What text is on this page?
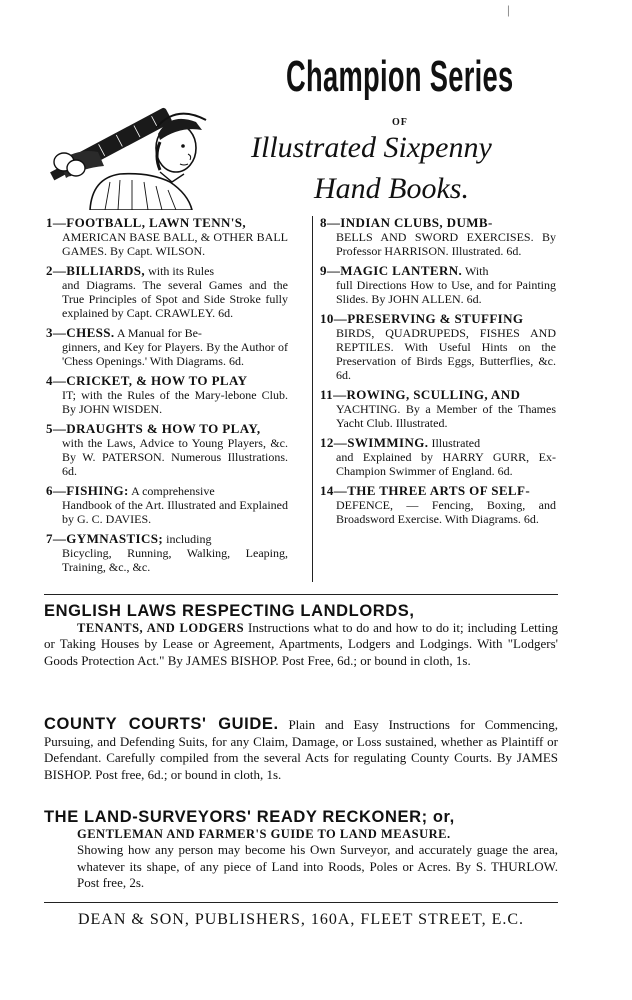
|
Champion Series
OF
Illustrated Sixpenny
Hand Books.
1—FOOTBALL, LAWN TENN'S,
AMERICAN BASE BALL, & OTHER BALL GAMES. By Capt. WILSON.
2—BILLIARDS, with its Rules
and Diagrams. The several Games and the True Principles of Spot and Side Stroke fully explained by Capt. CRAWLEY. 6d.
3—CHESS. A Manual for Be-
ginners, and Key for Players. By the Author of 'Chess Openings.' With Diagrams. 6d.
4—CRICKET, & HOW TO PLAY
IT; with the Rules of the Mary-lebone Club. By JOHN WISDEN.
5—DRAUGHTS & HOW TO PLAY,
with the Laws, Advice to Young Players, &c. By W. PATERSON. Numerous Illustrations. 6d.
6—FISHING: A comprehensive
Handbook of the Art. Illustrated and Explained by G. C. DAVIES.
7—GYMNASTICS; including
Bicycling, Running, Walking, Leaping, Training, &c., &c.
8—INDIAN CLUBS, DUMB-
BELLS AND SWORD EXERCISES. By Professor HARRISON. Illustrated. 6d.
9—MAGIC LANTERN. With
full Directions How to Use, and for Painting Slides. By JOHN ALLEN. 6d.
10—PRESERVING & STUFFING
BIRDS, QUADRUPEDS, FISHES AND REPTILES. With Useful Hints on the Preservation of Birds Eggs, Butterflies, &c. 6d.
11—ROWING, SCULLING, AND
YACHTING. By a Member of the Thames Yacht Club. Illustrated.
12—SWIMMING. Illustrated
and Explained by HARRY GURR, Ex-Champion Swimmer of England. 6d.
14—THE THREE ARTS OF SELF-
DEFENCE, — Fencing, Boxing, and Broadsword Exercise. With Diagrams. 6d.
ENGLISH LAWS RESPECTING LANDLORDS,
TENANTS, AND LODGERS Instructions what to do and how to do it; including Letting or Taking Houses by Lease or Agreement, Apartments, Lodgers and Lodgings. With "Lodgers' Goods Protection Act." By JAMES BISHOP. Post Free, 6d.; or bound in cloth, 1s.
COUNTY COURTS' GUIDE. Plain and Easy Instructions for Commencing, Pursuing, and Defending Suits, for any Claim, Damage, or Loss sustained, whether as Plaintiff or Defendant. Carefully compiled from the several Acts for regulating County Courts. By JAMES BISHOP. Post free, 6d.; or bound in cloth, 1s.
THE LAND-SURVEYORS' READY RECKONER; or,
GENTLEMAN AND FARMER'S GUIDE TO LAND MEASURE.
Showing how any person may become his Own Surveyor, and accurately guage the area, whatever its shape, of any piece of Land into Roods, Poles or Acres. By S. THURLOW. Post free, 2s.
DEAN & SON, PUBLISHERS, 160A, FLEET STREET, E.C.
